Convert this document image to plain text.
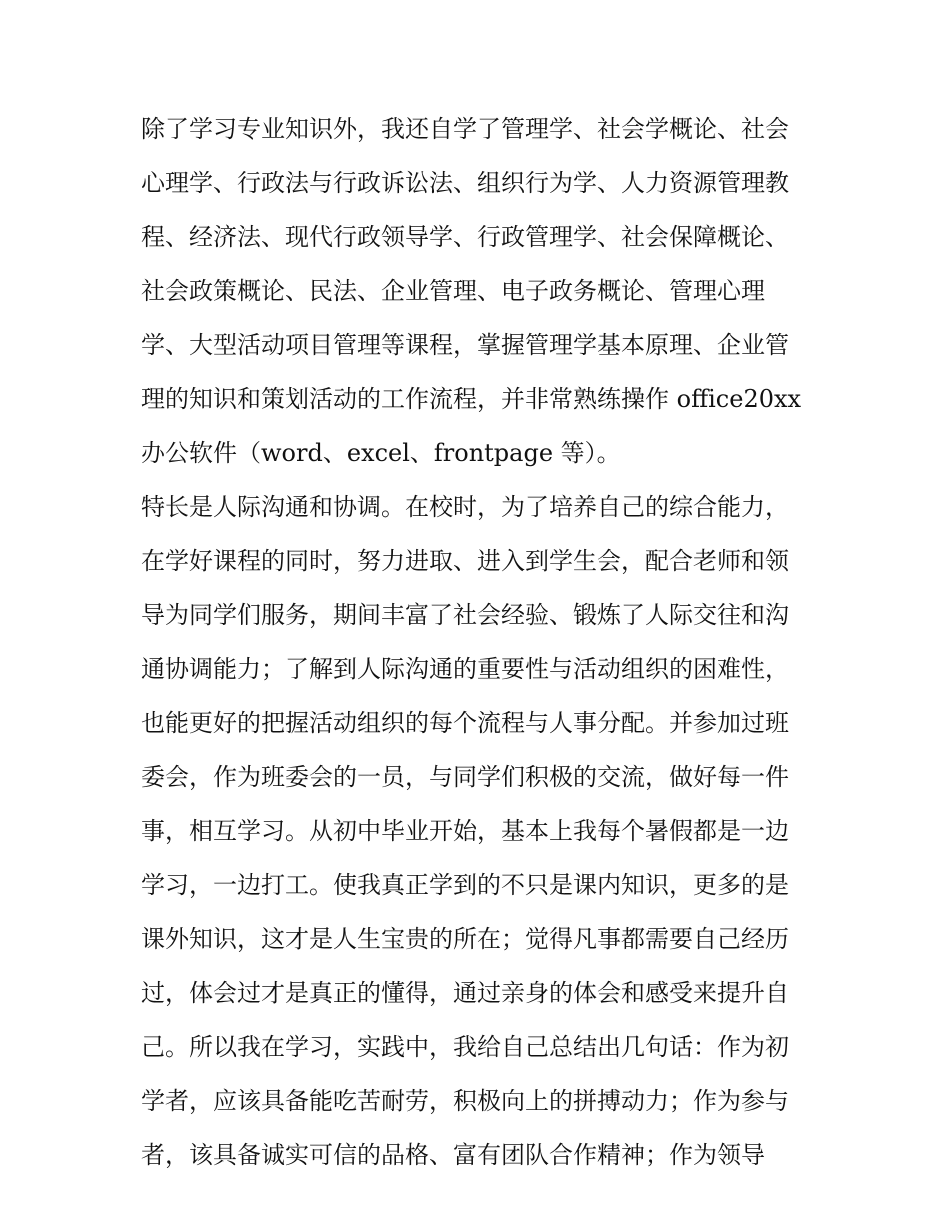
除了学习专业知识外，我还自学了管理学、社会学概论、社会
心理学、行政法与行政诉讼法、组织行为学、人力资源管理教
程、经济法、现代行政领导学、行政管理学、社会保障概论、
社会政策概论、民法、企业管理、电子政务概论、管理心理
学、大型活动项目管理等课程，掌握管理学基本原理、企业管
理的知识和策划活动的工作流程，并非常熟练操作 office20xx
办公软件（word、excel、frontpage 等）。
特长是人际沟通和协调。在校时，为了培养自己的综合能力，
在学好课程的同时，努力进取、进入到学生会，配合老师和领
导为同学们服务，期间丰富了社会经验、锻炼了人际交往和沟
通协调能力；了解到人际沟通的重要性与活动组织的困难性，
也能更好的把握活动组织的每个流程与人事分配。并参加过班
委会，作为班委会的一员，与同学们积极的交流，做好每一件
事，相互学习。从初中毕业开始，基本上我每个暑假都是一边
学习，一边打工。使我真正学到的不只是课内知识，更多的是
课外知识，这才是人生宝贵的所在；觉得凡事都需要自己经历
过，体会过才是真正的懂得，通过亲身的体会和感受来提升自
己。所以我在学习，实践中，我给自己总结出几句话：作为初
学者，应该具备能吃苦耐劳，积极向上的拼搏动力；作为参与
者，该具备诚实可信的品格、富有团队合作精神；作为领导
